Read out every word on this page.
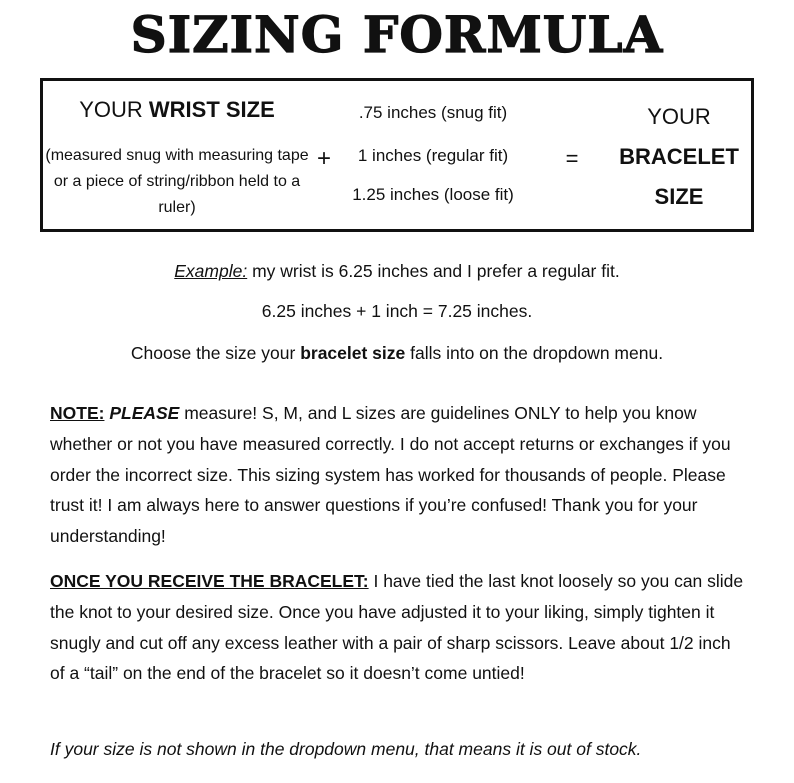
SIZING FORMULA
YOUR WRIST SIZE
(measured snug with measuring tape or a piece of string/ribbon held to a ruler)
+
.75 inches (snug fit)
1 inches (regular fit)
1.25 inches (loose fit)
=
YOUR
BRACELET
SIZE
Example: my wrist is 6.25 inches and I prefer a regular fit.
6.25 inches + 1 inch = 7.25 inches.
Choose the size your bracelet size falls into on the dropdown menu.

NOTE: PLEASE measure! S, M, and L sizes are guidelines ONLY to help you know whether or not you have measured correctly. I do not accept returns or exchanges if you order the incorrect size. This sizing system has worked for thousands of people. Please trust it! I am always here to answer questions if you’re confused! Thank you for your understanding!

ONCE YOU RECEIVE THE BRACELET: I have tied the last knot loosely so you can slide the knot to your desired size. Once you have adjusted it to your liking, simply tighten it snugly and cut off any excess leather with a pair of sharp scissors. Leave about 1/2 inch of a “tail” on the end of the bracelet so it doesn’t come untied!

If your size is not shown in the dropdown menu, that means it is out of stock.
